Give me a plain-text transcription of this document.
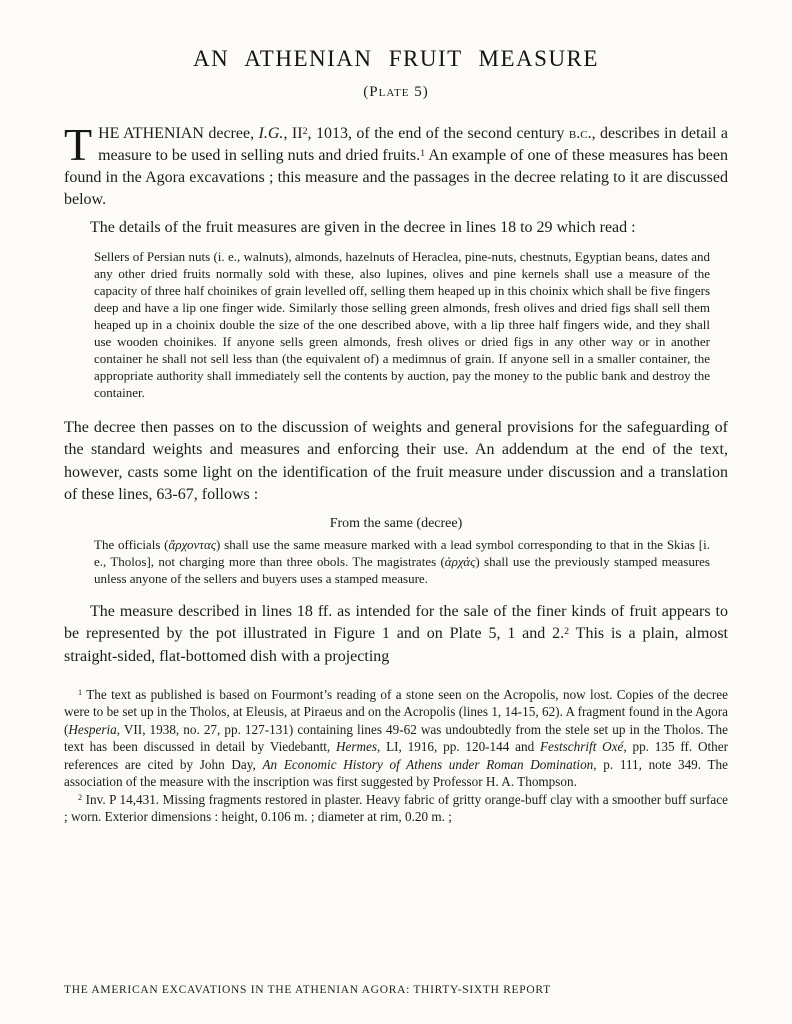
AN ATHENIAN FRUIT MEASURE
(Plate 5)

THE ATHENIAN decree, I.G., $II^2$, 1013, of the end of the second century b.c., describes in detail a measure to be used in selling nuts and dried fruits.$^1$ An example of one of these measures has been found in the Agora excavations ; this measure and the passages in the decree relating to it are discussed below.

The details of the fruit measures are given in the decree in lines 18 to 29 which read :

Sellers of Persian nuts (i. e., walnuts), almonds, hazelnuts of Heraclea, pine-nuts, chestnuts, Egyptian beans, dates and any other dried fruits normally sold with these, also lupines, olives and pine kernels shall use a measure of the capacity of three half choinikes of grain levelled off, selling them heaped up in this choinix which shall be five fingers deep and have a lip one finger wide. Similarly those selling green almonds, fresh olives and dried figs shall sell them heaped up in a choinix double the size of the one described above, with a lip three half fingers wide, and they shall use wooden choinikes. If anyone sells green almonds, fresh olives or dried figs in any other way or in another container he shall not sell less than (the equivalent of) a medimnus of grain. If anyone sell in a smaller container, the appropriate authority shall immediately sell the contents by auction, pay the money to the public bank and destroy the container.

The decree then passes on to the discussion of weights and general provisions for the safeguarding of the standard weights and measures and enforcing their use. An addendum at the end of the text, however, casts some light on the identification of the fruit measure under discussion and a translation of these lines, 63-67, follows :

From the same (decree)
The officials (ἄρχοντας) shall use the same measure marked with a lead symbol corresponding to that in the Skias [i. e., Tholos], not charging more than three obols. The magistrates (ἀρχάς) shall use the previously stamped measures unless anyone of the sellers and buyers uses a stamped measure.

The measure described in lines 18 ff. as intended for the sale of the finer kinds of fruit appears to be represented by the pot illustrated in Figure 1 and on Plate 5, 1 and 2.$^2$ This is a plain, almost straight-sided, flat-bottomed dish with a projecting

$^1$ The text as published is based on Fourmont’s reading of a stone seen on the Acropolis, now lost. Copies of the decree were to be set up in the Tholos, at Eleusis, at Piraeus and on the Acropolis (lines 1, 14-15, 62). A fragment found in the Agora (Hesperia, VII, 1938, no. 27, pp. 127-131) containing lines 49-62 was undoubtedly from the stele set up in the Tholos. The text has been discussed in detail by Viedebantt, Hermes, LI, 1916, pp. 120-144 and Festschrift Oxé, pp. 135 ff. Other references are cited by John Day, An Economic History of Athens under Roman Domination, p. 111, note 349. The association of the measure with the inscription was first suggested by Professor H. A. Thompson.

$^2$ Inv. P 14,431. Missing fragments restored in plaster. Heavy fabric of gritty orange-buff clay with a smoother buff surface ; worn. Exterior dimensions : height, 0.106 m. ; diameter at rim, 0.20 m. ;

THE AMERICAN EXCAVATIONS IN THE ATHENIAN AGORA: THIRTY-SIXTH REPORT
